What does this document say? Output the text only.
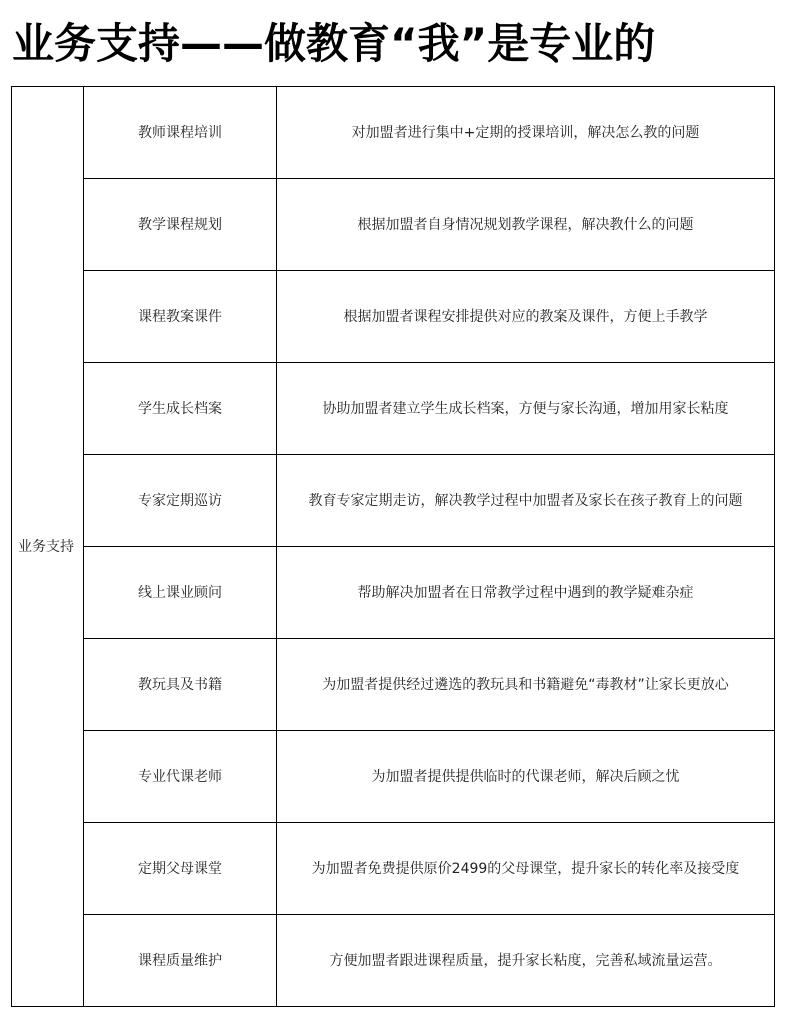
业务支持——做教育“我”是专业的
业务支持	教师课程培训	对加盟者进行集中+定期的授课培训，解决怎么教的问题
	教学课程规划	根据加盟者自身情况规划教学课程，解决教什么的问题
	课程教案课件	根据加盟者课程安排提供对应的教案及课件，方便上手教学
	学生成长档案	协助加盟者建立学生成长档案，方便与家长沟通，增加用家长粘度
	专家定期巡访	教育专家定期走访，解决教学过程中加盟者及家长在孩子教育上的问题
	线上课业顾问	帮助解决加盟者在日常教学过程中遇到的教学疑难杂症
	教玩具及书籍	为加盟者提供经过遴选的教玩具和书籍避免“毒教材”让家长更放心
	专业代课老师	为加盟者提供提供临时的代课老师，解决后顾之忧
	定期父母课堂	为加盟者免费提供原价2499的父母课堂，提升家长的转化率及接受度
	课程质量维护	方便加盟者跟进课程质量，提升家长粘度，完善私域流量运营。
